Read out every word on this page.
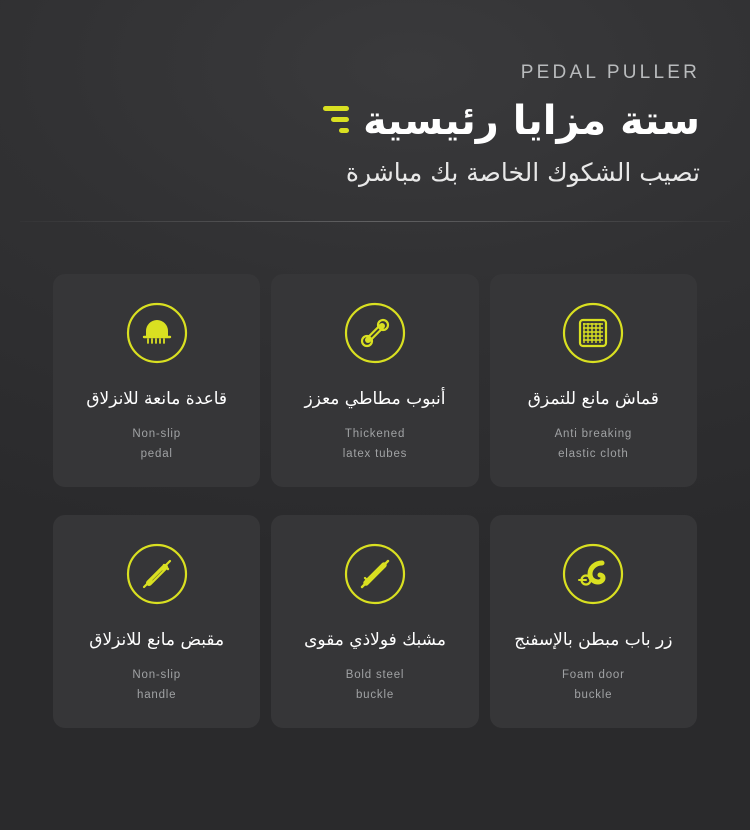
PEDAL PULLER
ستة مزايا رئيسية
تصيب الشكوك الخاصة بك مباشرة
قماش مانع للتمزق
Anti breaking
elastic cloth
أنبوب مطاطي معزز
Thickened
latex tubes
قاعدة مانعة للانزلاق
Non-slip
pedal
زر باب مبطن بالإسفنج
Foam door
buckle
مشبك فولاذي مقوى
Bold steel
buckle
مقبض مانع للانزلاق
Non-slip
handle
